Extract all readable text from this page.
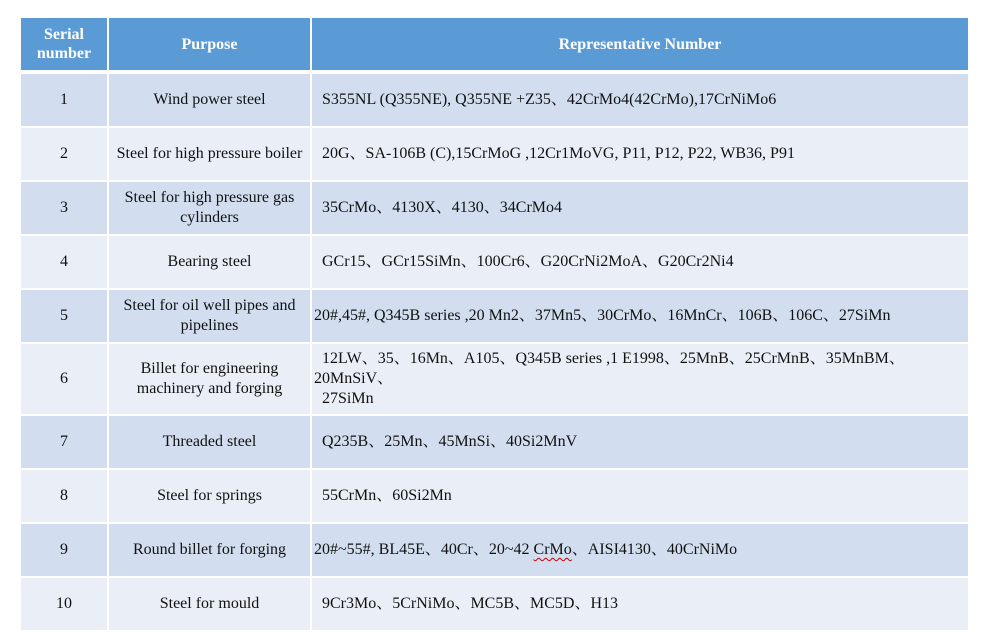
Serial
number	Purpose	Representative Number
1	Wind power steel	S355NL (Q355NE), Q355NE +Z35、42CrMo4(42CrMo),17CrNiMo6
2	Steel for high pressure boiler	20G、SA-106B (C),15CrMoG ,12Cr1MoVG, P11, P12, P22, WB36, P91
3	Steel for high pressure gas cylinders	35CrMo、4130X、4130、34CrMo4
4	Bearing steel	GCr15、GCr15SiMn、100Cr6、G20CrNi2MoA、G20Cr2Ni4
5	Steel for oil well pipes and pipelines	20#,45#, Q345B series ,20 Mn2、37Mn5、30CrMo、16MnCr、106B、106C、27SiMn
6	Billet for engineering machinery and forging	12LW、35、16Mn、A105、Q345B series ,1 E1998、25MnB、25CrMnB、35MnBM、
20MnSiV、
27SiMn

7	Threaded steel	Q235B、25Mn、45MnSi、40Si2MnV
8	Steel for springs	55CrMn、60Si2Mn
9	Round billet for forging	20#~55#, BL45E、40Cr、20~42 CrMo、AISI4130、40CrNiMo
10	Steel for mould	9Cr3Mo、5CrNiMo、MC5B、MC5D、H13
